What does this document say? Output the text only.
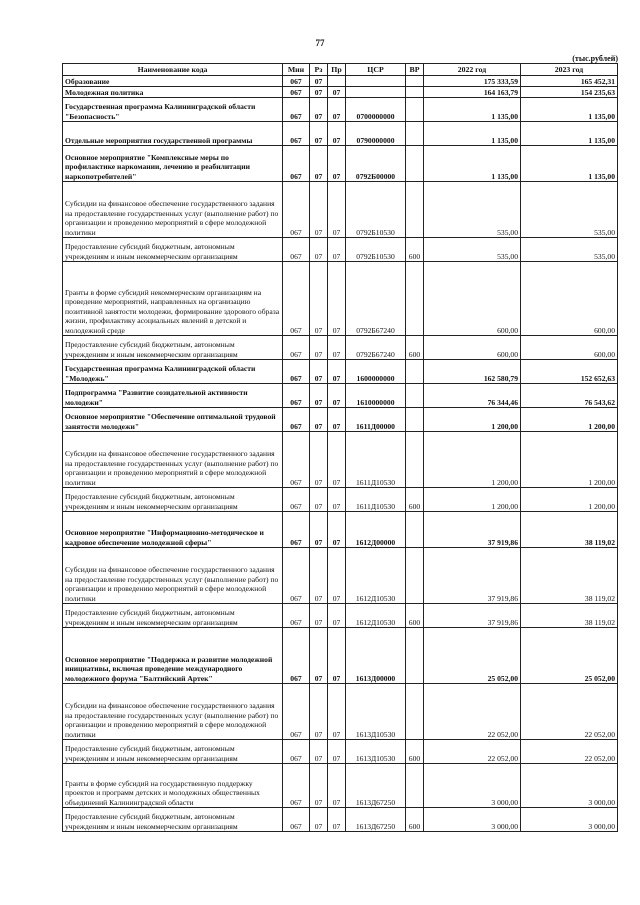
77
(тыс.рублей)
Наименование кода	Мин	Рз	Пр	ЦСР	ВР	2022 год	2023 год
Образование	067	07				175 333,59	165 452,31
Молодежная политика	067	07	07			164 163,79	154 235,63
Государственная программа Калининградской области "Безопасность"	067	07	07	0700000000		1 135,00	1 135,00
Отдельные мероприятия государственной программы	067	07	07	0790000000		1 135,00	1 135,00
Основное мероприятие "Комплексные меры по профилактике наркомании, лечению и реабилитации наркопотребителей"	067	07	07	0792Б00000		1 135,00	1 135,00
Субсидии на финансовое обеспечение государственного задания на предоставление государственных услуг (выполнение работ) по организации и проведению мероприятий в сфере молодежной политики	067	07	07	0792Б10530		535,00	535,00
Предоставление субсидий бюджетным, автономным учреждениям и иным некоммерческим организациям	067	07	07	0792Б10530	600	535,00	535,00
Гранты в форме субсидий некоммерческим организациям на проведение мероприятий, направленных на организацию позитивной занятости молодежи, формирование здорового образа жизни, профилактику асоциальных явлений в детской и молодежной среде	067	07	07	0792Б67240		600,00	600,00
Предоставление субсидий бюджетным, автономным учреждениям и иным некоммерческим организациям	067	07	07	0792Б67240	600	600,00	600,00
Государственная программа Калининградской области "Молодежь"	067	07	07	1600000000		162 580,79	152 652,63
Подпрограмма "Развитие созидательной активности молодежи"	067	07	07	1610000000		76 344,46	76 543,62
Основное мероприятие "Обеспечение оптимальной трудовой занятости молодежи"	067	07	07	1611Д00000		1 200,00	1 200,00
Субсидии на финансовое обеспечение государственного задания на предоставление государственных услуг (выполнение работ) по организации и проведению мероприятий в сфере молодежной политики	067	07	07	1611Д10530		1 200,00	1 200,00
Предоставление субсидий бюджетным, автономным учреждениям и иным некоммерческим организациям	067	07	07	1611Д10530	600	1 200,00	1 200,00
Основное мероприятие "Информационно-методическое и кадровое обеспечение молодежной сферы"	067	07	07	1612Д00000		37 919,86	38 119,02
Субсидии на финансовое обеспечение государственного задания на предоставление государственных услуг (выполнение работ) по организации и проведению мероприятий в сфере молодежной политики	067	07	07	1612Д10530		37 919,86	38 119,02
Предоставление субсидий бюджетным, автономным учреждениям и иным некоммерческим организациям	067	07	07	1612Д10530	600	37 919,86	38 119,02
Основное мероприятие "Поддержка и развитие молодежной инициативы, включая проведение международного молодежного форума "Балтийский Артек"	067	07	07	1613Д00000		25 052,00	25 052,00
Субсидии на финансовое обеспечение государственного задания на предоставление государственных услуг (выполнение работ) по организации и проведению мероприятий в сфере молодежной политики	067	07	07	1613Д10530		22 052,00	22 052,00
Предоставление субсидий бюджетным, автономным учреждениям и иным некоммерческим организациям	067	07	07	1613Д10530	600	22 052,00	22 052,00
Гранты в форме субсидий на государственную поддержку проектов и программ детских и молодежных общественных объединений Калининградской области	067	07	07	1613Д67250		3 000,00	3 000,00
Предоставление субсидий бюджетным, автономным учреждениям и иным некоммерческим организациям	067	07	07	1613Д67250	600	3 000,00	3 000,00
